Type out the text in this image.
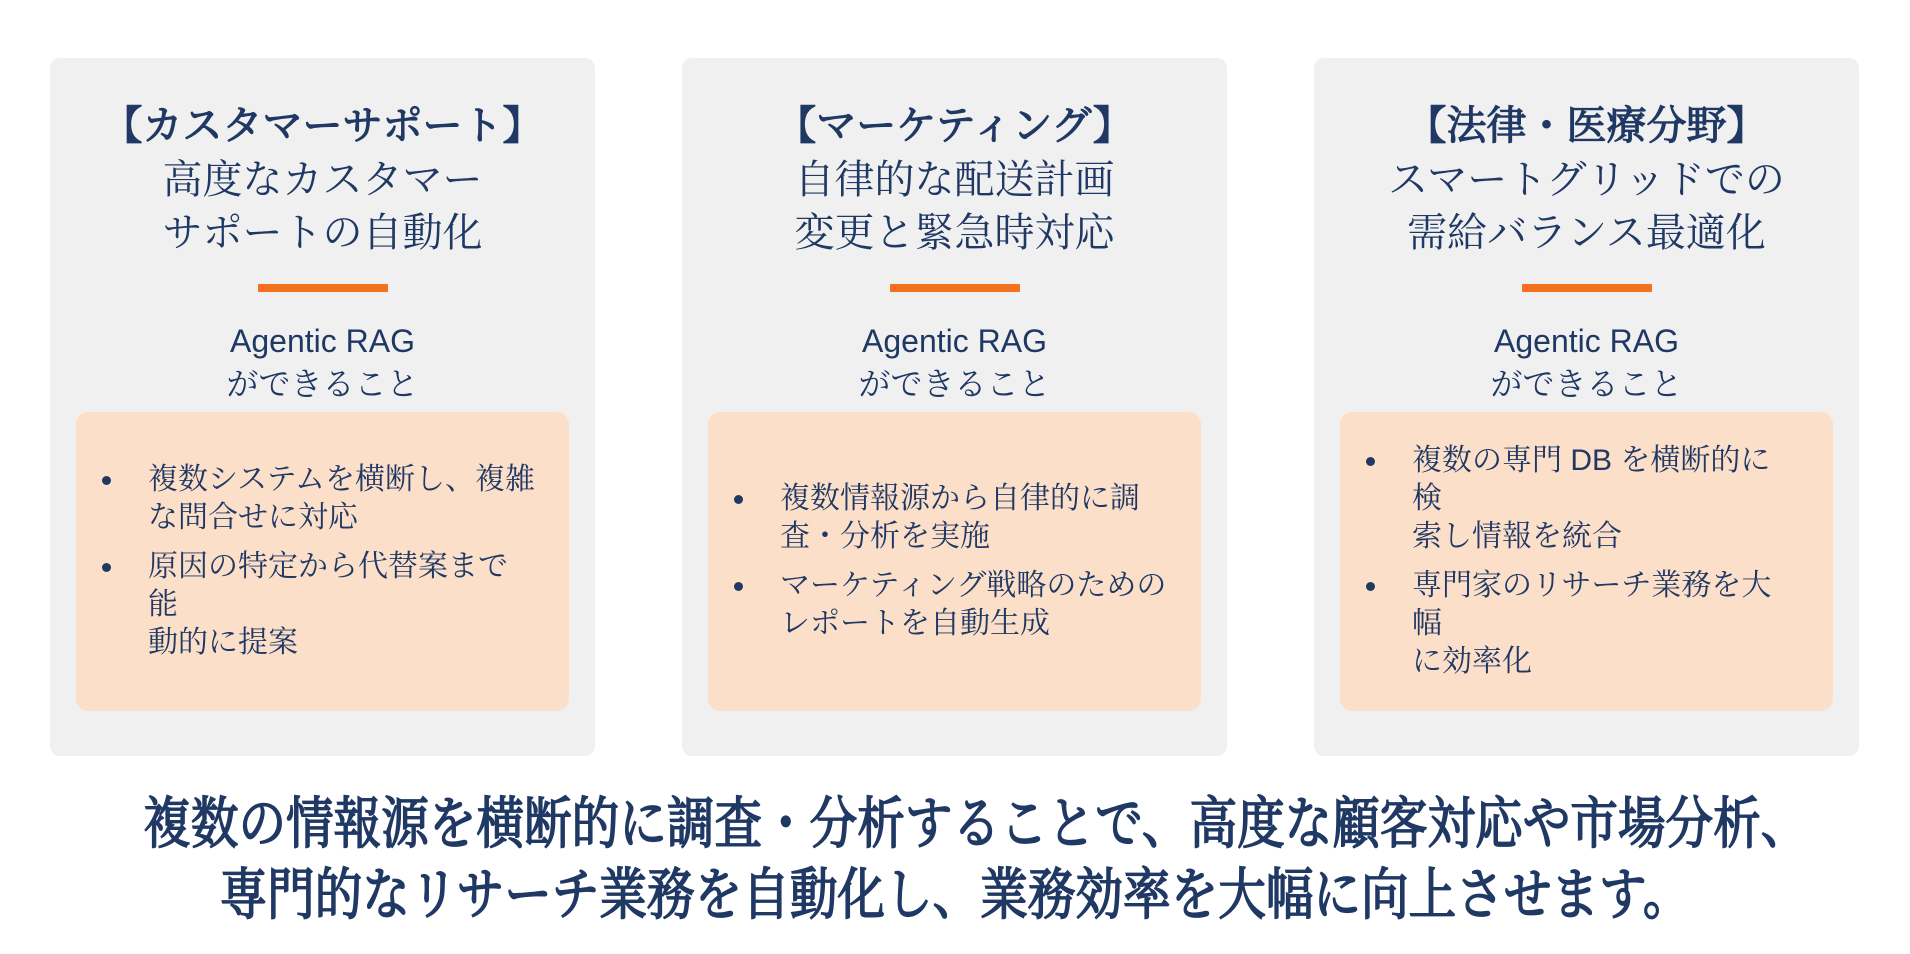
【カスタマーサポート】
高度なカスタマー
サポートの自動化
Agentic RAG
ができること
複数システムを横断し、複雑
な問合せに対応
原因の特定から代替案まで能
動的に提案
【マーケティング】
自律的な配送計画
変更と緊急時対応
Agentic RAG
ができること
複数情報源から自律的に調
査・分析を実施
マーケティング戦略のための
レポートを自動生成
【法律・医療分野】
スマートグリッドでの
需給バランス最適化
Agentic RAG
ができること
複数の専門 DB を横断的に検
索し情報を統合
専門家のリサーチ業務を大幅
に効率化
複数の情報源を横断的に調査・分析することで、高度な顧客対応や市場分析、
専門的なリサーチ業務を自動化し、業務効率を大幅に向上させます。
